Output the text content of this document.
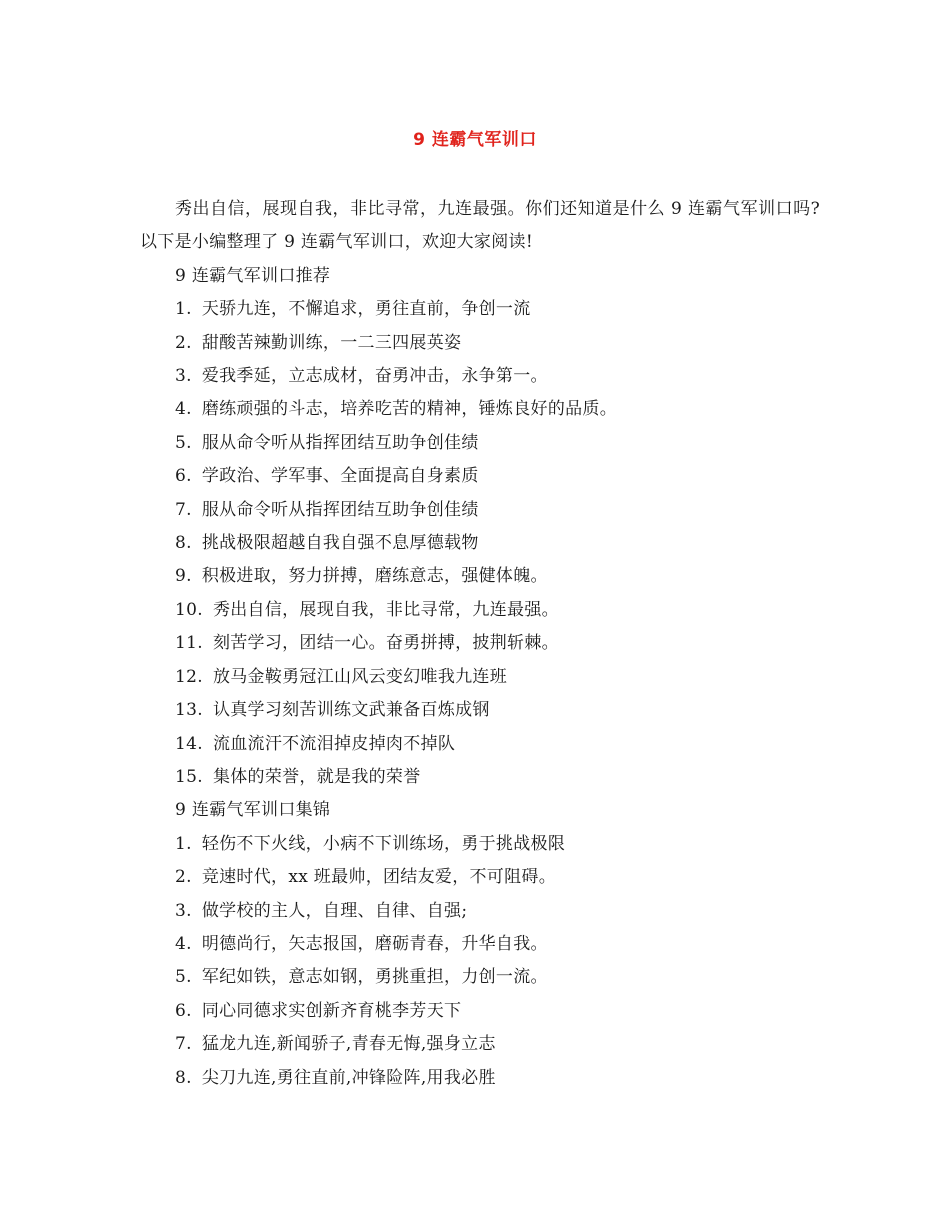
9 连霸气军训口

秀出自信，展现自我，非比寻常，九连最强。你们还知道是什么 9 连霸气军训口吗?以下是小编整理了 9 连霸气军训口，欢迎大家阅读!

9 连霸气军训口推荐

1. 天骄九连，不懈追求，勇往直前，争创一流

2. 甜酸苦辣勤训练，一二三四展英姿

3. 爱我季延，立志成材，奋勇冲击，永争第一。

4. 磨练顽强的斗志，培养吃苦的精神，锤炼良好的品质。

5. 服从命令听从指挥团结互助争创佳绩

6. 学政治、学军事、全面提高自身素质

7. 服从命令听从指挥团结互助争创佳绩

8. 挑战极限超越自我自强不息厚德载物

9. 积极进取，努力拼搏，磨练意志，强健体魄。

10. 秀出自信，展现自我，非比寻常，九连最强。

11. 刻苦学习，团结一心。奋勇拼搏，披荆斩棘。

12. 放马金鞍勇冠江山风云变幻唯我九连班

13. 认真学习刻苦训练文武兼备百炼成钢

14. 流血流汗不流泪掉皮掉肉不掉队

15. 集体的荣誉，就是我的荣誉

9 连霸气军训口集锦

1. 轻伤不下火线，小病不下训练场，勇于挑战极限

2. 竞速时代，xx 班最帅，团结友爱，不可阻碍。

3. 做学校的主人，自理、自律、自强;

4. 明德尚行，矢志报国，磨砺青春，升华自我。

5. 军纪如铁，意志如钢，勇挑重担，力创一流。

6. 同心同德求实创新齐育桃李芳天下

7. 猛龙九连,新闻骄子,青春无悔,强身立志

8. 尖刀九连,勇往直前,冲锋险阵,用我必胜
